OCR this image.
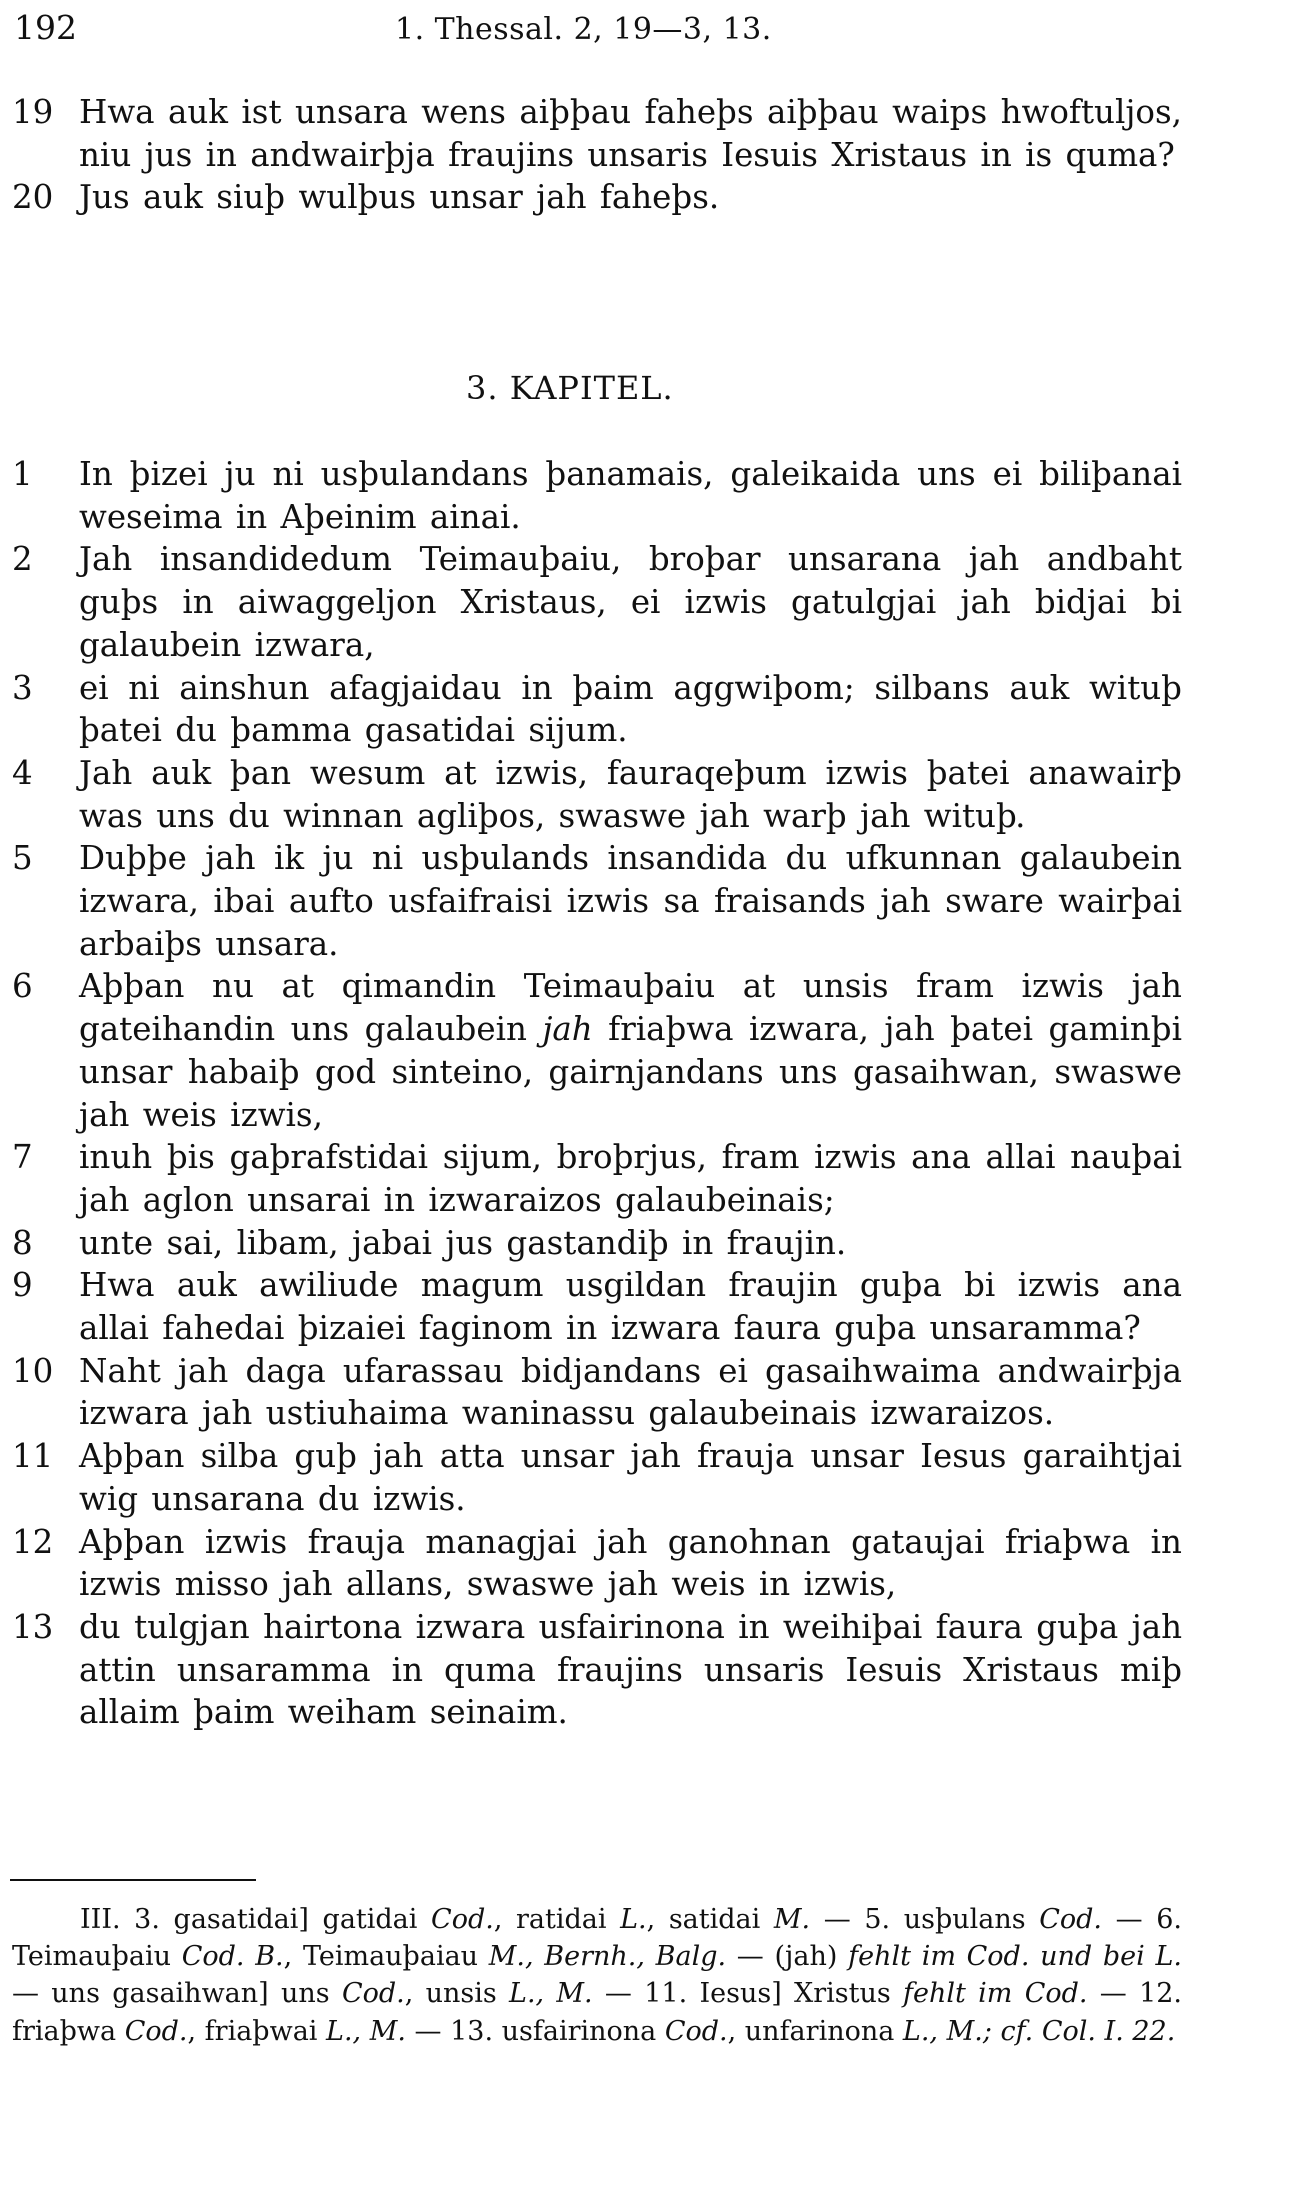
192	1. Thessal. 2, 19—3, 13.
19 Hwa auk ist unsara wens aiþþau faheþs aiþþau waips hwoftuljos, niu jus in andwairþja fraujins unsaris Iesuis Xristaus in is quma?
20 Jus auk siuþ wulþus unsar jah faheþs.
3. KAPITEL.
1	In þizei ju ni usþulandans þanamais, galeikaida uns ei biliþanai weseima in Aþeinim ainai.
2	Jah insandidedum Teimauþaiu, broþar unsarana jah andbaht guþs in aiwaggeljon Xristaus, ei izwis gatulgjai jah bidjai bi galaubein izwara,
3	ei ni ainshun afagjaidau in þaim aggwiþom; silbans auk wituþ þatei du þamma gasatidai sijum.
4	Jah auk þan wesum at izwis, fauraqeþum izwis þatei anawairþ was uns du winnan agliþos, swaswe jah warþ jah wituþ.
5	Duþþe jah ik ju ni usþulands insandida du ufkunnan galaubein izwara, ibai aufto usfaifraisi izwis sa fraisands jah sware wairþai arbaiþs unsara.
6	Aþþan nu at qimandin Teimauþaiu at unsis fram izwis jah gateihandin uns galaubein jah friaþwa izwara, jah þatei gaminþi unsar habaiþ god sinteino, gairnjandans uns gasaihwan, swaswe jah weis izwis,
7	inuh þis gaþrafstidai sijum, broþrjus, fram izwis ana allai nauþai jah aglon unsarai in izwaraizos galaubeinais;
8	unte sai, libam, jabai jus gastandiþ in fraujin.
9	Hwa auk awiliude magum usgildan fraujin guþa bi izwis ana allai fahedai þizaiei faginom in izwara faura guþa unsaramma?
10 Naht jah daga ufarassau bidjandans ei gasaihwaima andwairþja izwara jah ustiuhaima waninassu galaubeinais izwaraizos.
11 Aþþan silba guþ jah atta unsar jah frauja unsar Iesus garaihtjai wig unsarana du izwis.
12 Aþþan izwis frauja managjai jah ganohnan gataujai friaþwa in izwis misso jah allans, swaswe jah weis in izwis,
13 du tulgjan hairtona izwara usfairinona in weihiþai faura guþa jah attin unsaramma in quma fraujins unsaris Iesuis Xristaus miþ allaim þaim weiham seinaim.
III. 3. gasatidai] gatidai Cod., ratidai L., satidai M. — 5. usþulans Cod. — 6. Teimauþaiu Cod. B., Teimauþaiau M., Bernh., Balg. — (jah) fehlt im Cod. und bei L. — uns gasaihwan] uns Cod., unsis L., M. — 11. Iesus] Xristus fehlt im Cod. — 12. friaþwa Cod., friaþwai L., M. — 13. usfairinona Cod., unfarinona L., M.; cf. Col. I. 22.
